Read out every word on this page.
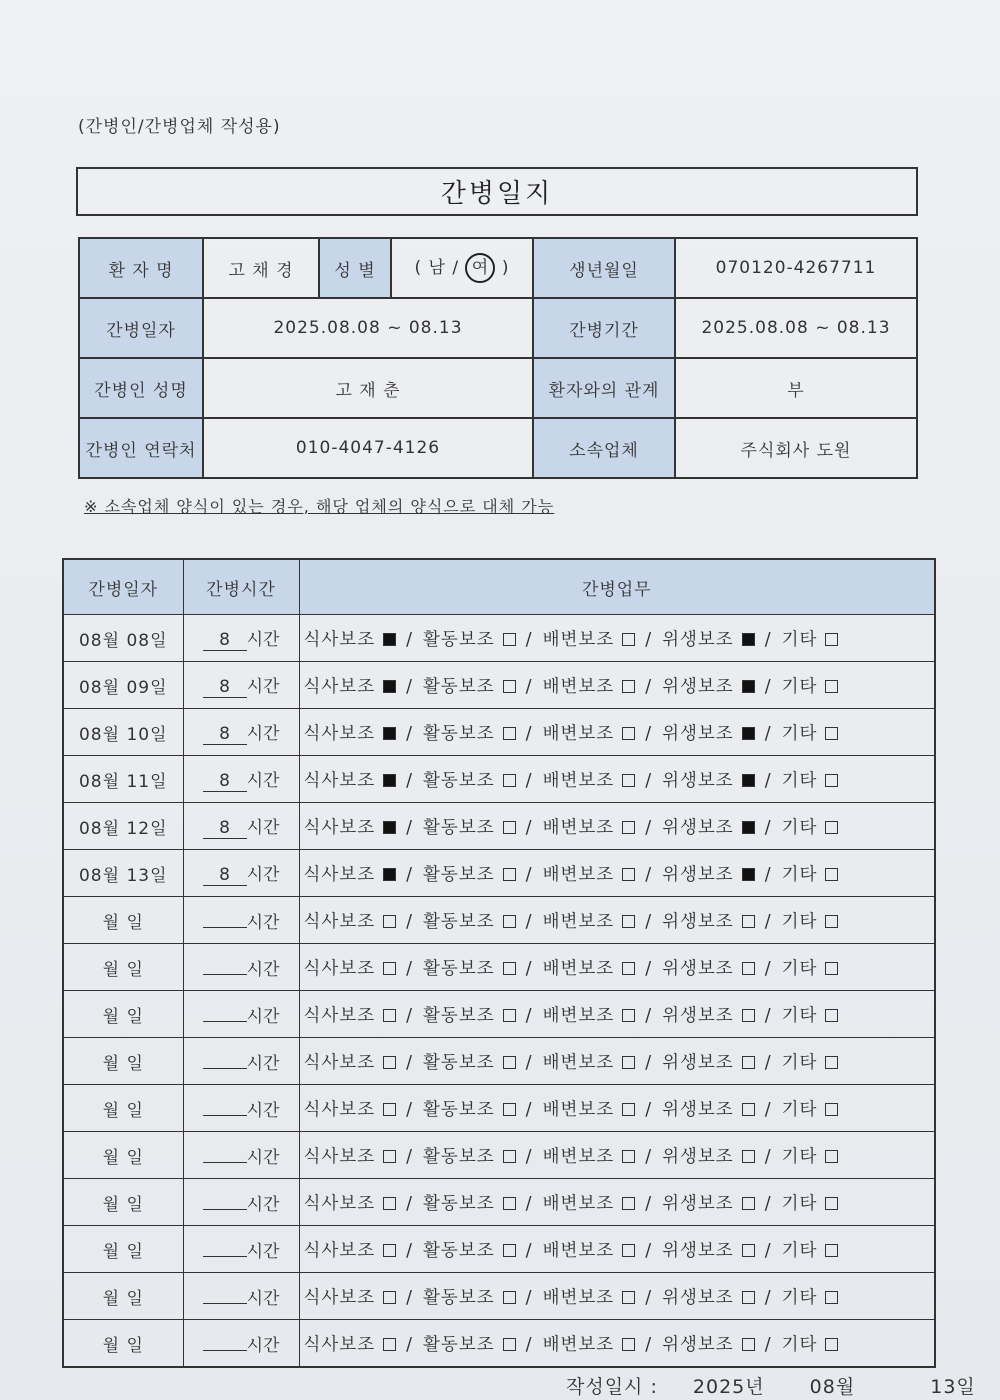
(간병인/간병업체 작성용)
간병일지
환 자 명	고 채 경	성 별	( 남 / 여 )	생년월일	070120-4267711
간병일자	2025.08.08 ~ 08.13			간병기간	2025.08.08 ~ 08.13
간병인 성명	고 재 춘			환자와의 관계	부
간병인 연락처	010-4047-4126			소속업체	주식회사 도원
※ 소속업체 양식이 있는 경우, 해당 업체의 양식으로 대체 가능
간병일자	간병시간	간병업무
08월 08일	8 시간	식사보조 / 활동보조 / 배변보조 / 위생보조 / 기타
08월 09일	8 시간	식사보조 / 활동보조 / 배변보조 / 위생보조 / 기타
08월 10일	8 시간	식사보조 / 활동보조 / 배변보조 / 위생보조 / 기타
08월 11일	8 시간	식사보조 / 활동보조 / 배변보조 / 위생보조 / 기타
08월 12일	8 시간	식사보조 / 활동보조 / 배변보조 / 위생보조 / 기타
08월 13일	8 시간	식사보조 / 활동보조 / 배변보조 / 위생보조 / 기타
월 일	시간	식사보조 / 활동보조 / 배변보조 / 위생보조 / 기타
월 일	시간	식사보조 / 활동보조 / 배변보조 / 위생보조 / 기타
월 일	시간	식사보조 / 활동보조 / 배변보조 / 위생보조 / 기타
월 일	시간	식사보조 / 활동보조 / 배변보조 / 위생보조 / 기타
월 일	시간	식사보조 / 활동보조 / 배변보조 / 위생보조 / 기타
월 일	시간	식사보조 / 활동보조 / 배변보조 / 위생보조 / 기타
월 일	시간	식사보조 / 활동보조 / 배변보조 / 위생보조 / 기타
월 일	시간	식사보조 / 활동보조 / 배변보조 / 위생보조 / 기타
월 일	시간	식사보조 / 활동보조 / 배변보조 / 위생보조 / 기타
월 일	시간	식사보조 / 활동보조 / 배변보조 / 위생보조 / 기타
작성일시 : 2025년 08월	13일
